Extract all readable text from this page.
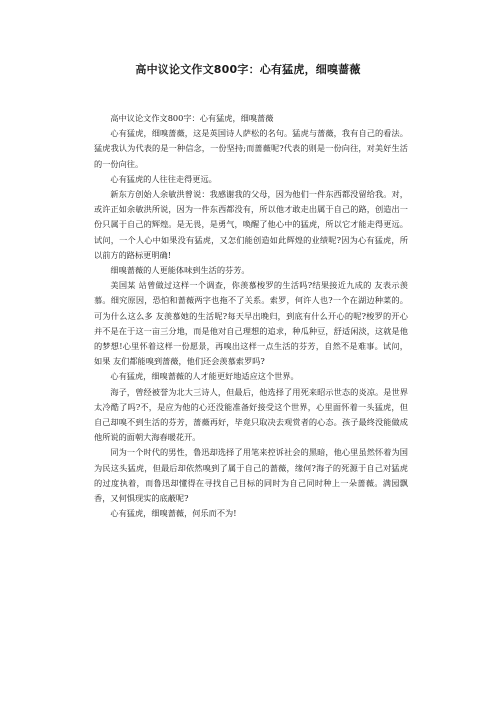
高中议论文作文800字：心有猛虎，细嗅蔷薇

高中议论文作文800字：心有猛虎，细嗅蔷薇

心有猛虎，细嗅蔷薇，这是英国诗人萨松的名句。猛虎与蔷薇，我有自己的看法。猛虎我认为代表的是一种信念，一份坚持;而蔷薇呢?代表的则是一份向往，对美好生活的一份向往。

心有猛虎的人往往走得更远。

新东方创始人余敏洪曾说：我感谢我的父母，因为他们一件东西都没留给我。对，或许正如余敏洪所说，因为一件东西都没有，所以他才敢走出属于自己的路，创造出一份只属于自己的辉煌。是无畏，是勇气，唤醒了他心中的猛虎，所以它才能走得更远。试问，一个人心中如果没有猛虎，又怎们能创造如此辉煌的业绩呢?因为心有猛虎，所以前方的路标更明确!

细嗅蔷薇的人更能体味到生活的芬芳。

美国某 站曾做过这样一个调查，你羡慕梭罗的生活吗?结果接近九成的 友表示羡慕。细究原因，恐怕和蔷薇两字也拖不了关系。索罗，何许人也?一个在湖边种菜的。可为什么这么多 友羡慕她的生活呢?每天早出晚归，到底有什么开心的呢?梭罗的开心并不是在于这一亩三分地，而是他对自己理想的追求，种瓜种豆，舒适闲淡，这就是他的梦想!心里怀着这样一份愿景，再嗅出这样一点生活的芬芳，自然不是难事。试问，如果 友们都能嗅到蔷薇，他们还会羡慕索罗吗?

心有猛虎，细嗅蔷薇的人才能更好地适应这个世界。

海子，曾经被誉为北大三诗人，但最后，他选择了用死来昭示世态的炎凉。是世界太冷酷了吗?不，是应为他的心还没能准备好接受这个世界，心里面怀着一头猛虎，但自己却嗅不到生活的芬芳，蔷薇再好，毕竟只取决去观赏者的心态。孩子最终没能做成他所说的面朝大海春暖花开。

同为一个时代的男性，鲁迅却选择了用笔来控诉社会的黑暗，他心里虽然怀着为国为民这头猛虎，但最后却依然嗅到了属于自己的蔷薇，缘何?海子的死源于自己对猛虎的过度执着，而鲁迅却懂得在寻找自己目标的同时为自己同时种上一朵蔷薇。满园飘香，又何惧现实的底蔽呢?

心有猛虎，细嗅蔷薇，何乐而不为!
